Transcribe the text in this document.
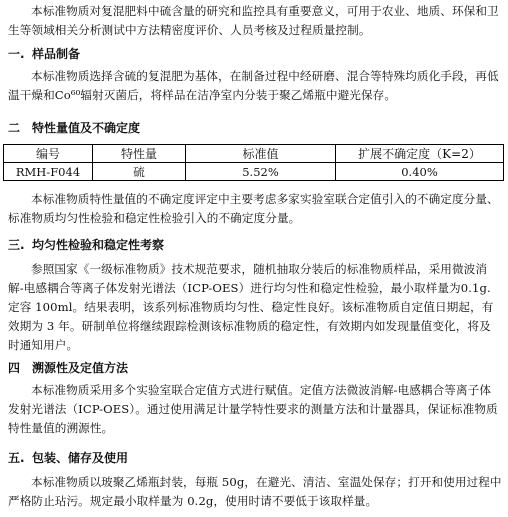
本标准物质对复混肥料中硫含量的研究和监控具有重要意义，可用于农业、地质、环保和卫生等领域相关分析测试中方法精密度评价、人员考核及过程质量控制。
一. 样品制备
本标准物质选择含硫的复混肥为基体，在制备过程中经研磨、混合等特殊均质化手段，再低温干燥和Co⁶⁰辐射灭菌后，将样品在洁净室内分装于聚乙烯瓶中避光保存。
二 特性量值及不确定度
编号	特性量	标准值	扩展不确定度（K=2）
RMH-F044	硫	5.52%	0.40%
本标准物质特性量值的不确定度评定中主要考虑多家实验室联合定值引入的不确定度分量、标准物质均匀性检验和稳定性检验引入的不确定度分量。
三. 均匀性检验和稳定性考察
参照国家《一级标准物质》技术规范要求，随机抽取分装后的标准物质样品，采用微波消解-电感耦合等离子体发射光谱法（ICP-OES）进行均匀性和稳定性检验，最小取样量为0.1g.定容 100ml。结果表明，该系列标准物质均匀性、稳定性良好。该标准物质自定值日期起，有效期为 3 年。研制单位将继续跟踪检测该标准物质的稳定性，有效期内如发现量值变化，将及时通知用户。
四 溯源性及定值方法
本标准物质采用多个实验室联合定值方式进行赋值。定值方法微波消解-电感耦合等离子体发射光谱法（ICP-OES）。通过使用满足计量学特性要求的测量方法和计量器具，保证标准物质特性量值的溯源性。
五. 包装、储存及使用
本标准物质以玻聚乙烯瓶封装，每瓶 50g，在避光、清洁、室温处保存；打开和使用过程中严格防止玷污。规定最小取样量为 0.2g，使用时请不要低于该取样量。
